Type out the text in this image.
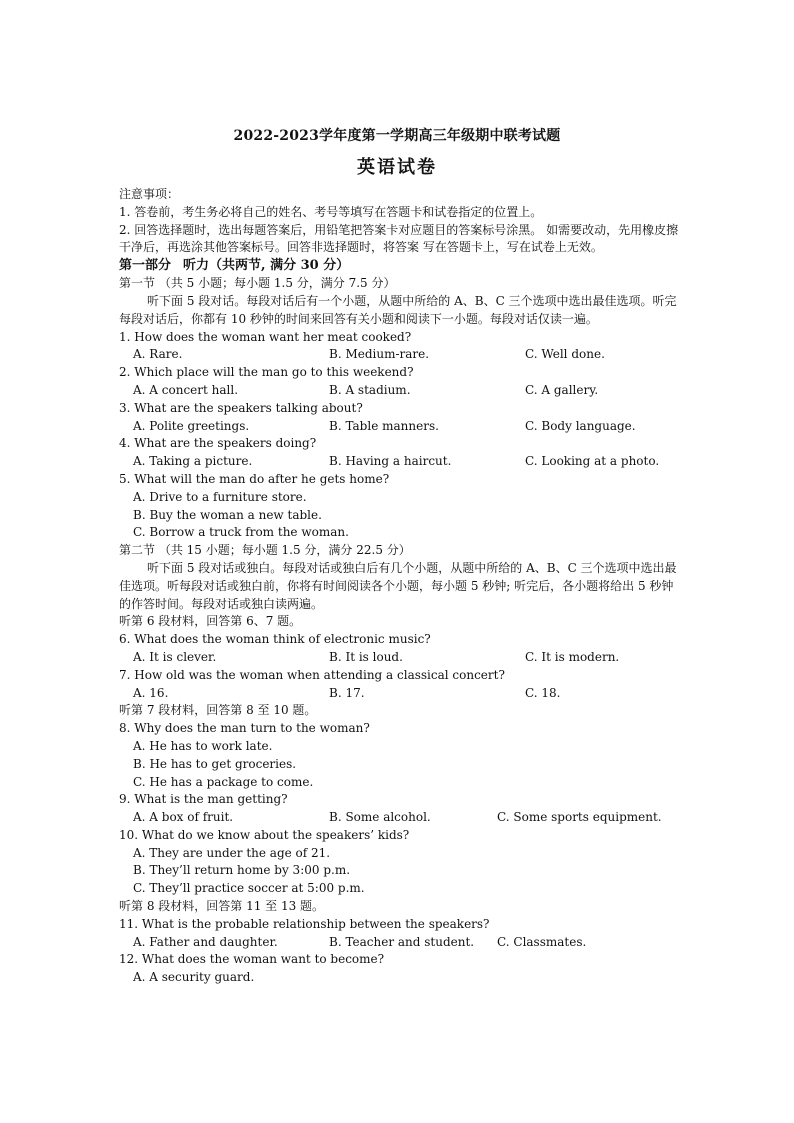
2022-2023学年度第一学期高三年级期中联考试题
英语试卷
注意事项：
1. 答卷前，考生务必将自己的姓名、考号等填写在答题卡和试卷指定的位置上。
2. 回答选择题时，选出每题答案后，用铅笔把答案卡对应题目的答案标号涂黑。 如需要改动，先用橡皮擦干净后，再选涂其他答案标号。回答非选择题时，将答案 写在答题卡上，写在试卷上无效。
第一部分 听力（共两节, 满分 30 分）
第一节 （共 5 小题；每小题 1.5 分，满分 7.5 分）
听下面 5 段对话。每段对话后有一个小题，从题中所给的 A、B、C 三个选项中选出最佳选项。听完每段对话后，你都有 10 秒钟的时间来回答有关小题和阅读下一小题。每段对话仅读一遍。
1. How does the woman want her meat cooked?
A. Rare.	B. Medium-rare.	C. Well done.
2. Which place will the man go to this weekend?
A. A concert hall.	B. A stadium.	C. A gallery.
3. What are the speakers talking about?
A. Polite greetings.	B. Table manners.	C. Body language.
4. What are the speakers doing?
A. Taking a picture.	B. Having a haircut.	C. Looking at a photo.
5. What will the man do after he gets home?
A. Drive to a furniture store.
B. Buy the woman a new table.
C. Borrow a truck from the woman.
第二节 （共 15 小题；每小题 1.5 分，满分 22.5 分）
听下面 5 段对话或独白。每段对话或独白后有几个小题，从题中所给的 A、B、C 三个选项中选出最佳选项。听每段对话或独白前，你将有时间阅读各个小题，每小题 5 秒钟; 听完后，各小题将给出 5 秒钟的作答时间。每段对话或独白读两遍。
听第 6 段材料，回答第 6、7 题。
6. What does the woman think of electronic music?
A. It is clever.	B. It is loud.	C. It is modern.
7. How old was the woman when attending a classical concert?
A. 16.	B. 17.	C. 18.
听第 7 段材料，回答第 8 至 10 题。
8. Why does the man turn to the woman?
A. He has to work late.
B. He has to get groceries.
C. He has a package to come.
9. What is the man getting?
A. A box of fruit.	B. Some alcohol.	C. Some sports equipment.
10. What do we know about the speakers’ kids?
A. They are under the age of 21.
B. They’ll return home by 3:00 p.m.
C. They’ll practice soccer at 5:00 p.m.
听第 8 段材料，回答第 11 至 13 题。
11. What is the probable relationship between the speakers?
A. Father and daughter.	B. Teacher and student.	C. Classmates.
12. What does the woman want to become?
A. A security guard.
